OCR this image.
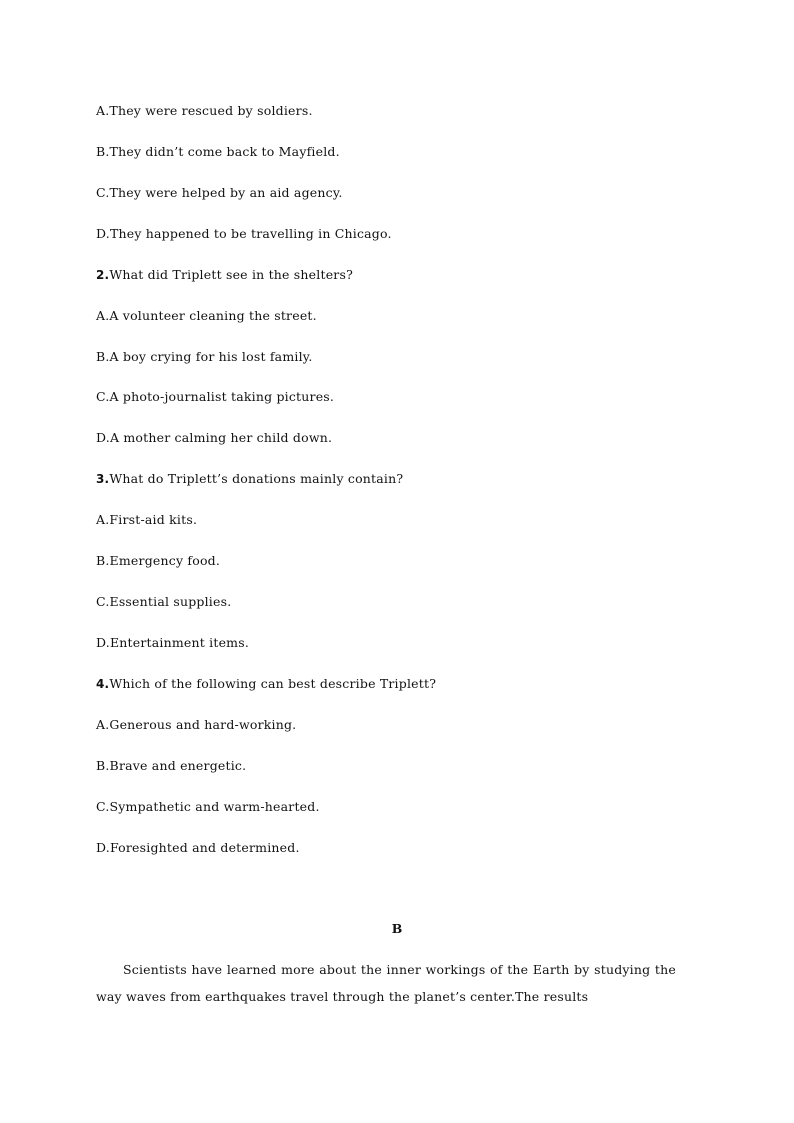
A.They were rescued by soldiers.
B.They didn’t come back to Mayfield.
C.They were helped by an aid agency.
D.They happened to be travelling in Chicago.
2.What did Triplett see in the shelters?
A.A volunteer cleaning the street.
B.A boy crying for his lost family.
C.A photo-journalist taking pictures.
D.A mother calming her child down.
3.What do Triplett’s donations mainly contain?
A.First-aid kits.
B.Emergency food.
C.Essential supplies.
D.Entertainment items.
4.Which of the following can best describe Triplett?
A.Generous and hard-working.
B.Brave and energetic.
C.Sympathetic and warm-hearted.
D.Foresighted and determined.
B
Scientists have learned more about the inner workings of the Earth by studying the way waves from earthquakes travel through the planet’s center.The results
